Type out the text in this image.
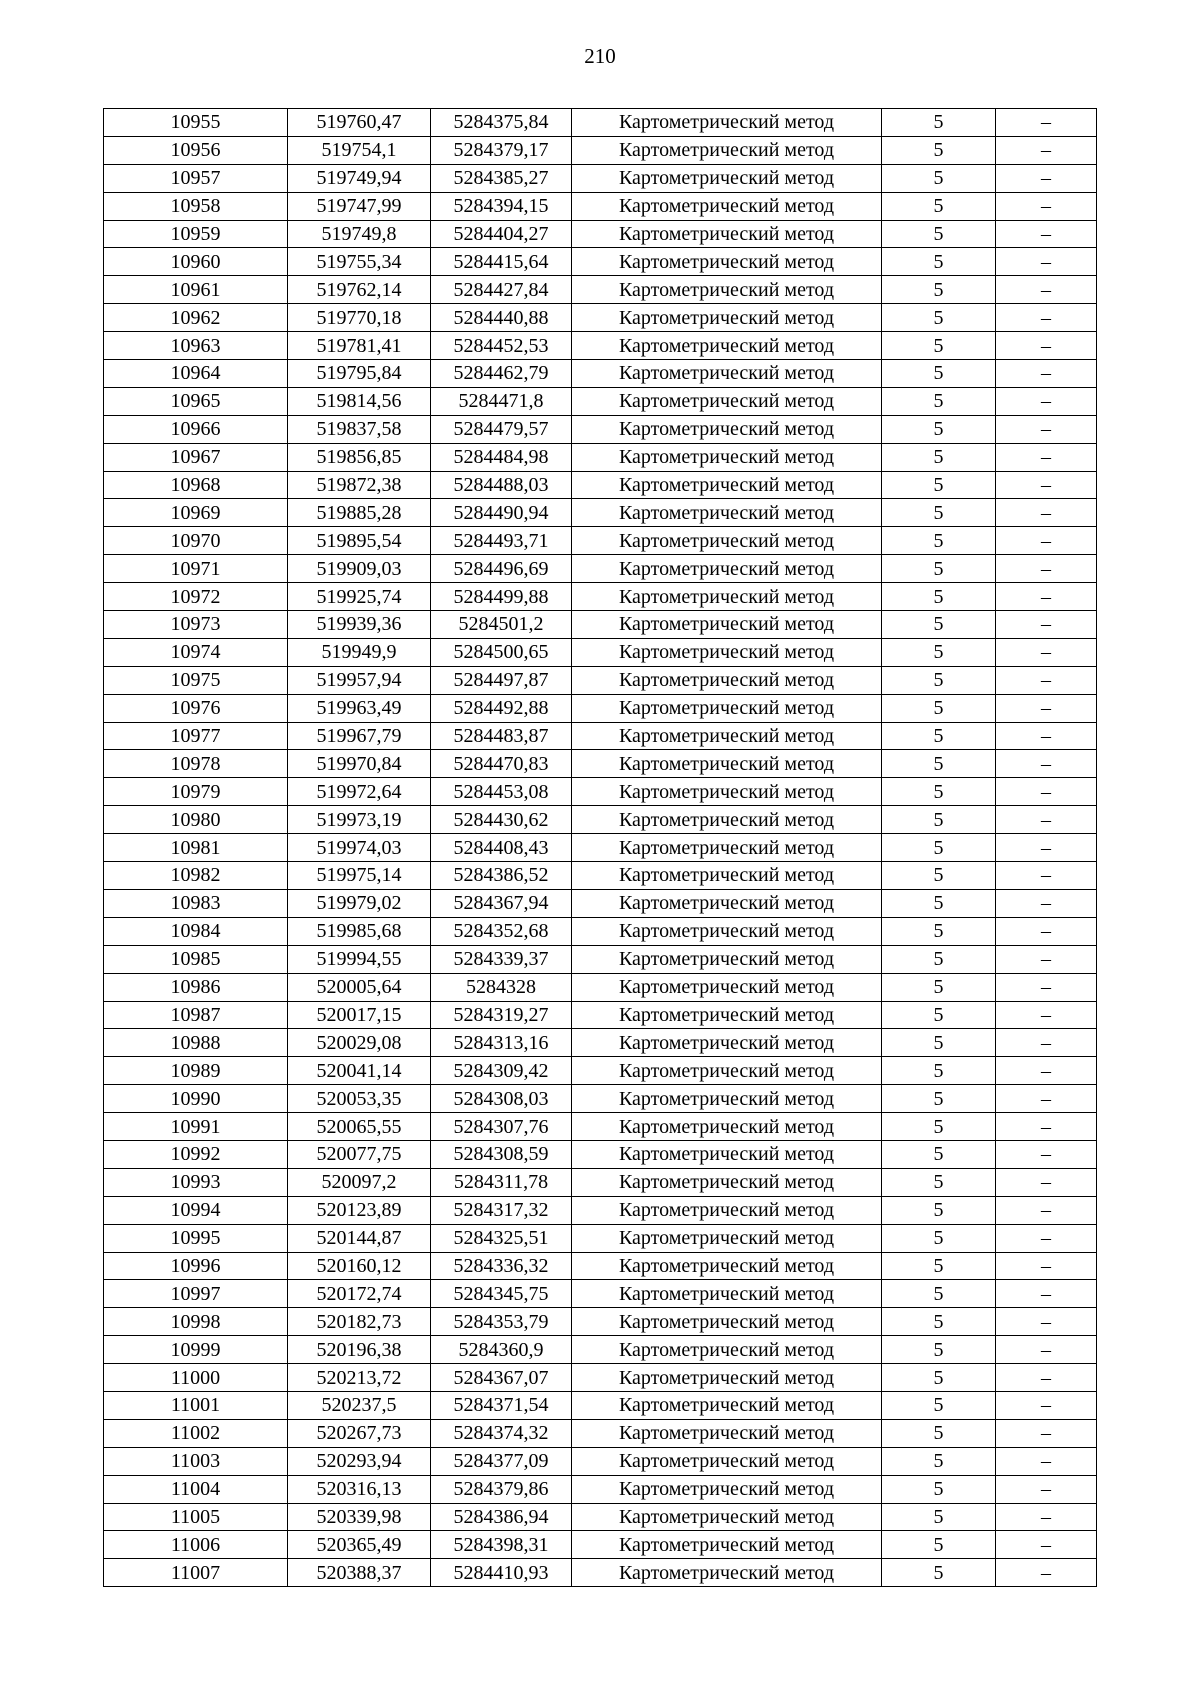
210
10955	519760,47	5284375,84	Картометрический метод	5	–
10956	519754,1	5284379,17	Картометрический метод	5	–
10957	519749,94	5284385,27	Картометрический метод	5	–
10958	519747,99	5284394,15	Картометрический метод	5	–
10959	519749,8	5284404,27	Картометрический метод	5	–
10960	519755,34	5284415,64	Картометрический метод	5	–
10961	519762,14	5284427,84	Картометрический метод	5	–
10962	519770,18	5284440,88	Картометрический метод	5	–
10963	519781,41	5284452,53	Картометрический метод	5	–
10964	519795,84	5284462,79	Картометрический метод	5	–
10965	519814,56	5284471,8	Картометрический метод	5	–
10966	519837,58	5284479,57	Картометрический метод	5	–
10967	519856,85	5284484,98	Картометрический метод	5	–
10968	519872,38	5284488,03	Картометрический метод	5	–
10969	519885,28	5284490,94	Картометрический метод	5	–
10970	519895,54	5284493,71	Картометрический метод	5	–
10971	519909,03	5284496,69	Картометрический метод	5	–
10972	519925,74	5284499,88	Картометрический метод	5	–
10973	519939,36	5284501,2	Картометрический метод	5	–
10974	519949,9	5284500,65	Картометрический метод	5	–
10975	519957,94	5284497,87	Картометрический метод	5	–
10976	519963,49	5284492,88	Картометрический метод	5	–
10977	519967,79	5284483,87	Картометрический метод	5	–
10978	519970,84	5284470,83	Картометрический метод	5	–
10979	519972,64	5284453,08	Картометрический метод	5	–
10980	519973,19	5284430,62	Картометрический метод	5	–
10981	519974,03	5284408,43	Картометрический метод	5	–
10982	519975,14	5284386,52	Картометрический метод	5	–
10983	519979,02	5284367,94	Картометрический метод	5	–
10984	519985,68	5284352,68	Картометрический метод	5	–
10985	519994,55	5284339,37	Картометрический метод	5	–
10986	520005,64	5284328	Картометрический метод	5	–
10987	520017,15	5284319,27	Картометрический метод	5	–
10988	520029,08	5284313,16	Картометрический метод	5	–
10989	520041,14	5284309,42	Картометрический метод	5	–
10990	520053,35	5284308,03	Картометрический метод	5	–
10991	520065,55	5284307,76	Картометрический метод	5	–
10992	520077,75	5284308,59	Картометрический метод	5	–
10993	520097,2	5284311,78	Картометрический метод	5	–
10994	520123,89	5284317,32	Картометрический метод	5	–
10995	520144,87	5284325,51	Картометрический метод	5	–
10996	520160,12	5284336,32	Картометрический метод	5	–
10997	520172,74	5284345,75	Картометрический метод	5	–
10998	520182,73	5284353,79	Картометрический метод	5	–
10999	520196,38	5284360,9	Картометрический метод	5	–
11000	520213,72	5284367,07	Картометрический метод	5	–
11001	520237,5	5284371,54	Картометрический метод	5	–
11002	520267,73	5284374,32	Картометрический метод	5	–
11003	520293,94	5284377,09	Картометрический метод	5	–
11004	520316,13	5284379,86	Картометрический метод	5	–
11005	520339,98	5284386,94	Картометрический метод	5	–
11006	520365,49	5284398,31	Картометрический метод	5	–
11007	520388,37	5284410,93	Картометрический метод	5	–
